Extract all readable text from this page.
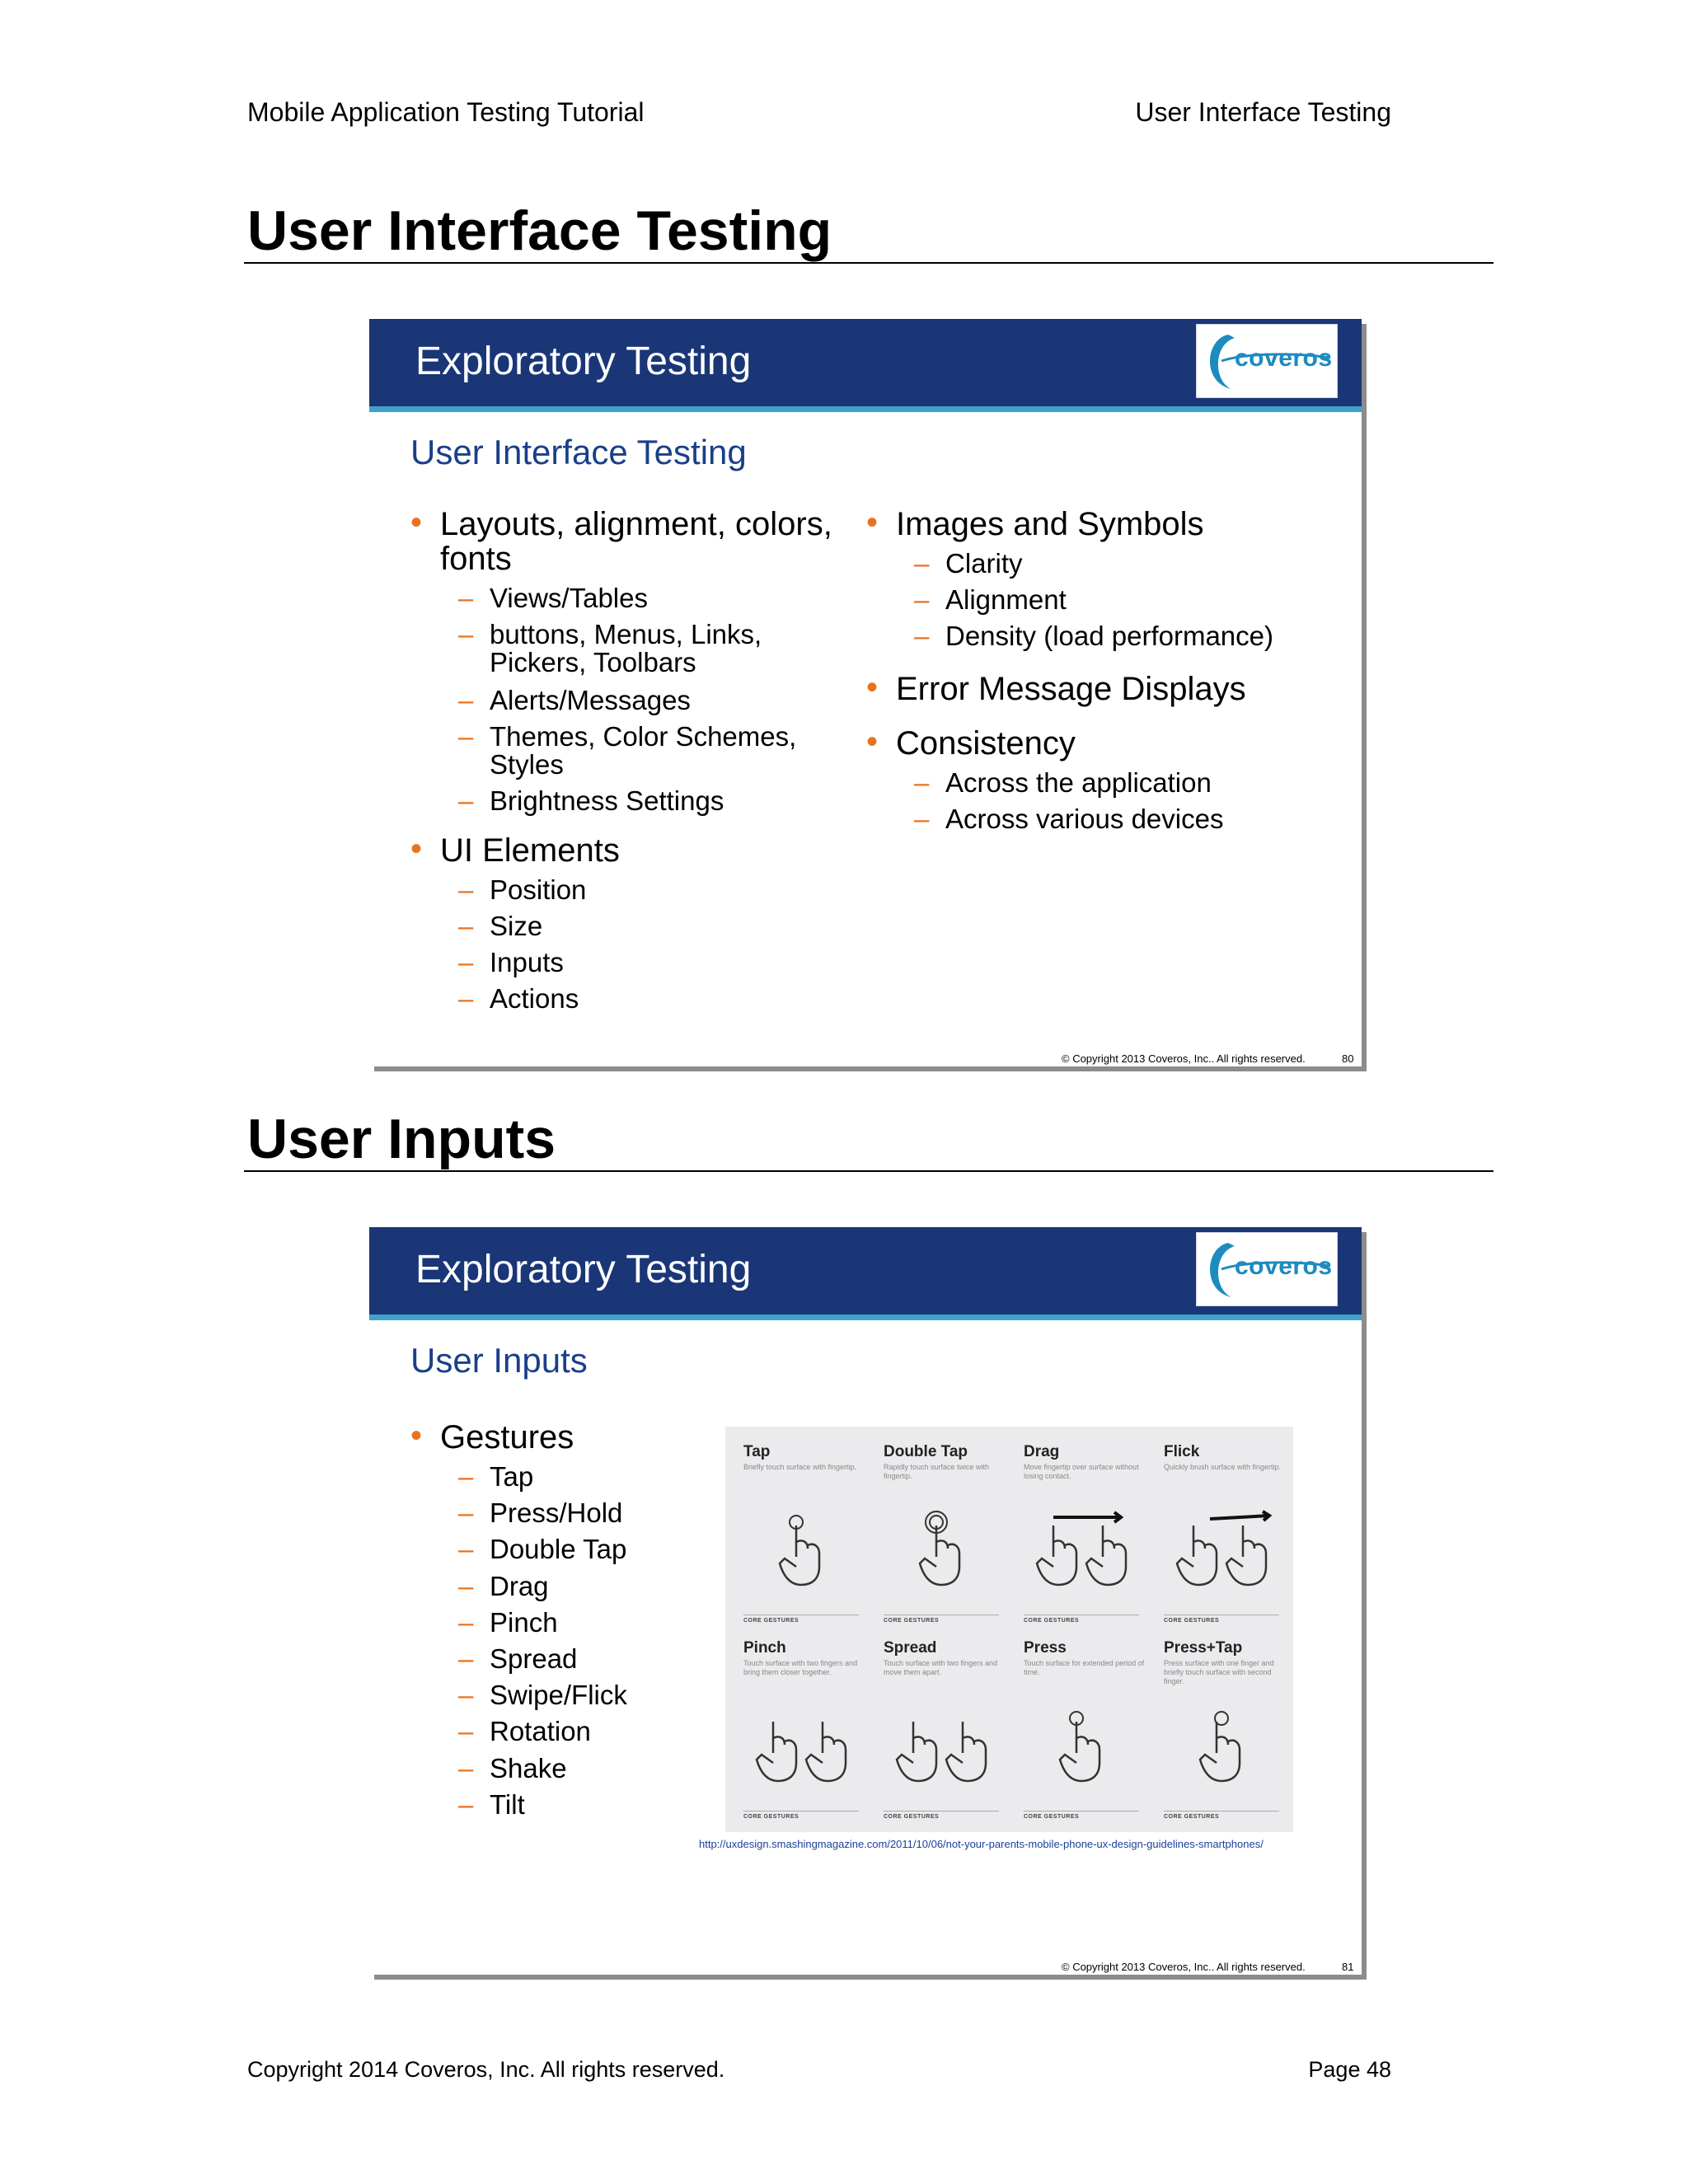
Mobile Application Testing Tutorial	User Interface Testing
User Interface Testing
Exploratory Testing	coveros
User Interface Testing
• Layouts, alignment, colors, fonts
– Views/Tables
– buttons, Menus, Links, Pickers, Toolbars
– Alerts/Messages
– Themes, Color Schemes, Styles
– Brightness Settings
• UI Elements
– Position
– Size
– Inputs
– Actions
• Images and Symbols
– Clarity
– Alignment
– Density (load performance)
• Error Message Displays
• Consistency
– Across the application
– Across various devices
© Copyright 2013 Coveros, Inc.. All rights reserved.	80
User Inputs
Exploratory Testing	coveros
User Inputs
• Gestures
– Tap
– Press/Hold
– Double Tap
– Drag
– Pinch
– Spread
– Swipe/Flick
– Rotation
– Shake
– Tilt
Tap
Briefly touch surface with fingertip.
CORE GESTURES
Double Tap
Rapidly touch surface twice with fingertip.
CORE GESTURES
Drag
Move fingertip over surface without losing contact.
CORE GESTURES
Flick
Quickly brush surface with fingertip.
CORE GESTURES
Pinch
Touch surface with two fingers and bring them closer together.
CORE GESTURES
Spread
Touch surface with two fingers and move them apart.
CORE GESTURES
Press
Touch surface for extended period of time.
CORE GESTURES
Press+Tap
Press surface with one finger and briefly touch surface with second finger.
CORE GESTURES
http://uxdesign.smashingmagazine.com/2011/10/06/not-your-parents-mobile-phone-ux-design-guidelines-smartphones/
© Copyright 2013 Coveros, Inc.. All rights reserved.	81
Copyright 2014 Coveros, Inc. All rights reserved.	Page 48
